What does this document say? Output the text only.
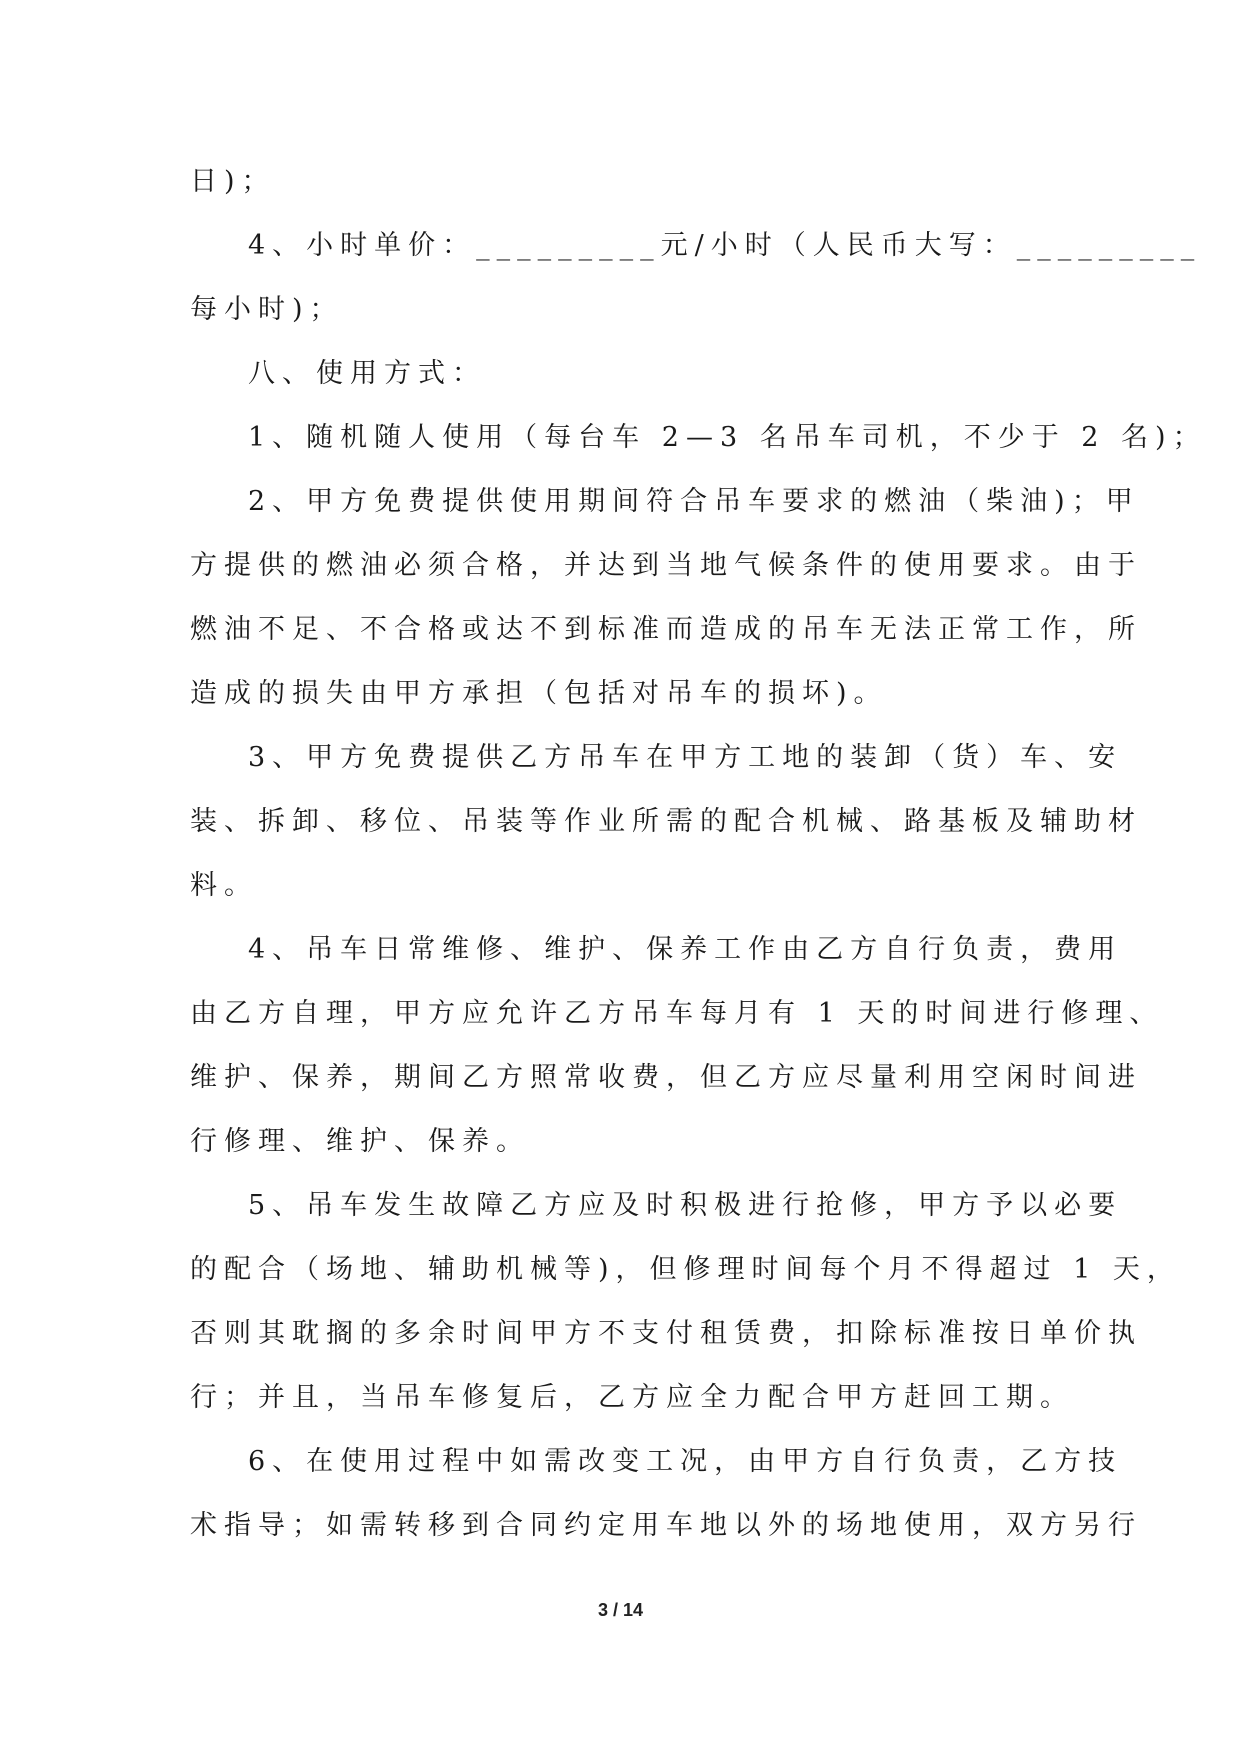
日)；
4、小时单价：_________元/小时（人民币大写：_________
每小时)；
八、使用方式：
1、随机随人使用（每台车 2—3 名吊车司机，不少于 2 名)；
2、甲方免费提供使用期间符合吊车要求的燃油（柴油)；甲
方提供的燃油必须合格，并达到当地气候条件的使用要求。由于
燃油不足、不合格或达不到标准而造成的吊车无法正常工作，所
造成的损失由甲方承担（包括对吊车的损坏)。
3、甲方免费提供乙方吊车在甲方工地的装卸（货）车、安
装、拆卸、移位、吊装等作业所需的配合机械、路基板及辅助材
料。
4、吊车日常维修、维护、保养工作由乙方自行负责，费用
由乙方自理，甲方应允许乙方吊车每月有 1 天的时间进行修理、
维护、保养，期间乙方照常收费，但乙方应尽量利用空闲时间进
行修理、维护、保养。
5、吊车发生故障乙方应及时积极进行抢修，甲方予以必要
的配合（场地、辅助机械等)，但修理时间每个月不得超过 1 天，
否则其耽搁的多余时间甲方不支付租赁费，扣除标准按日单价执
行；并且，当吊车修复后，乙方应全力配合甲方赶回工期。
6、在使用过程中如需改变工况，由甲方自行负责，乙方技
术指导；如需转移到合同约定用车地以外的场地使用，双方另行
3 / 14
